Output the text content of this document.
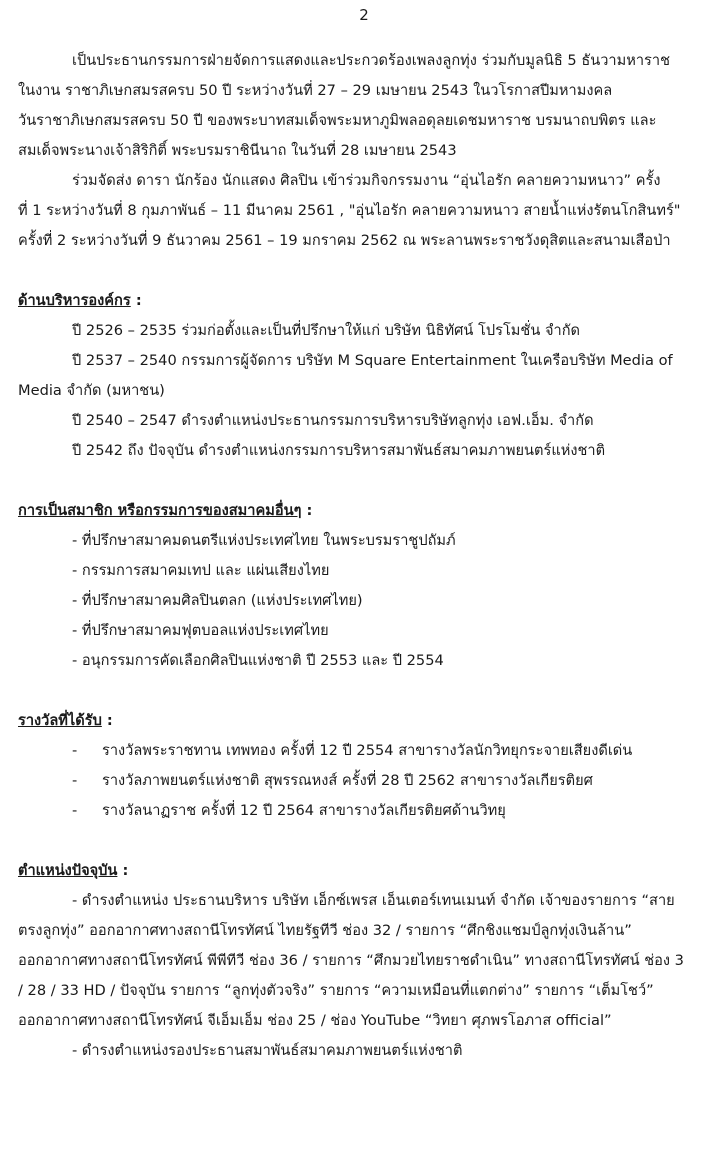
2

เป็นประธานกรรมการฝ่ายจัดการแสดงและประกวดร้องเพลงลูกทุ่ง ร่วมกับมูลนิธิ 5 ธันวามหาราช

ในงาน ราชาภิเษกสมรสครบ 50 ปี ระหว่างวันที่ 27 – 29 เมษายน 2543 ในวโรกาสปีมหามงคล

วันราชาภิเษกสมรสครบ 50 ปี ของพระบาทสมเด็จพระมหาภูมิพลอดุลยเดชมหาราช บรมนาถบพิตร และ

สมเด็จพระนางเจ้าสิริกิติ์ พระบรมราชินีนาถ ในวันที่ 28 เมษายน 2543

ร่วมจัดส่ง ดารา นักร้อง นักแสดง ศิลปิน เข้าร่วมกิจกรรมงาน “อุ่นไอรัก คลายความหนาว” ครั้ง

ที่ 1 ระหว่างวันที่ 8 กุมภาพันธ์ – 11 มีนาคม 2561 , "อุ่นไอรัก คลายความหนาว สายน้ำแห่งรัตนโกสินทร์"

ครั้งที่ 2 ระหว่างวันที่ 9 ธันวาคม 2561 – 19 มกราคม 2562 ณ พระลานพระราชวังดุสิตและสนามเสือป่า

ด้านบริหารองค์กร :

ปี 2526 – 2535 ร่วมก่อตั้งและเป็นที่ปรึกษาให้แก่ บริษัท นิธิทัศน์ โปรโมชั่น จำกัด

ปี 2537 – 2540 กรรมการผู้จัดการ บริษัท M Square Entertainment ในเครือบริษัท Media of

Media จำกัด (มหาชน)

ปี 2540 – 2547 ดำรงตำแหน่งประธานกรรมการบริหารบริษัทลูกทุ่ง เอฟ.เอ็ม. จำกัด

ปี 2542 ถึง ปัจจุบัน ดำรงตำแหน่งกรรมการบริหารสมาพันธ์สมาคมภาพยนตร์แห่งชาติ

การเป็นสมาชิก หรือกรรมการของสมาคมอื่นๆ :

- ที่ปรึกษาสมาคมดนตรีแห่งประเทศไทย ในพระบรมราชูปถัมภ์

- กรรมการสมาคมเทป และ แผ่นเสียงไทย

- ที่ปรึกษาสมาคมศิลปินตลก (แห่งประเทศไทย)

- ที่ปรึกษาสมาคมฟุตบอลแห่งประเทศไทย

- อนุกรรมการคัดเลือกศิลปินแห่งชาติ ปี 2553 และ ปี 2554

รางวัลที่ได้รับ :

-	รางวัลพระราชทาน เทพทอง ครั้งที่ 12 ปี 2554 สาขารางวัลนักวิทยุกระจายเสียงดีเด่น
-	รางวัลภาพยนตร์แห่งชาติ สุพรรณหงส์ ครั้งที่ 28 ปี 2562 สาขารางวัลเกียรติยศ
-	รางวัลนาฏราช ครั้งที่ 12 ปี 2564 สาขารางวัลเกียรติยศด้านวิทยุ

ตำแหน่งปัจจุบัน :

- ดำรงตำแหน่ง ประธานบริหาร บริษัท เอ็กซ์เพรส เอ็นเตอร์เทนเมนท์ จำกัด เจ้าของรายการ “สาย

ตรงลูกทุ่ง” ออกอากาศทางสถานีโทรทัศน์ ไทยรัฐทีวี ช่อง 32 / รายการ “ศึกชิงแชมป์ลูกทุ่งเงินล้าน”

ออกอากาศทางสถานีโทรทัศน์ พีพีทีวี ช่อง 36 / รายการ “ศึกมวยไทยราชดำเนิน” ทางสถานีโทรทัศน์ ช่อง 3

/ 28 / 33 HD / ปัจจุบัน รายการ “ลูกทุ่งตัวจริง” รายการ “ความเหมือนที่แตกต่าง” รายการ “เต็มโชว์”

ออกอากาศทางสถานีโทรทัศน์ จีเอ็มเอ็ม ช่อง 25 / ช่อง YouTube “วิทยา ศุภพรโอภาส official”

- ดำรงตำแหน่งรองประธานสมาพันธ์สมาคมภาพยนตร์แห่งชาติ
